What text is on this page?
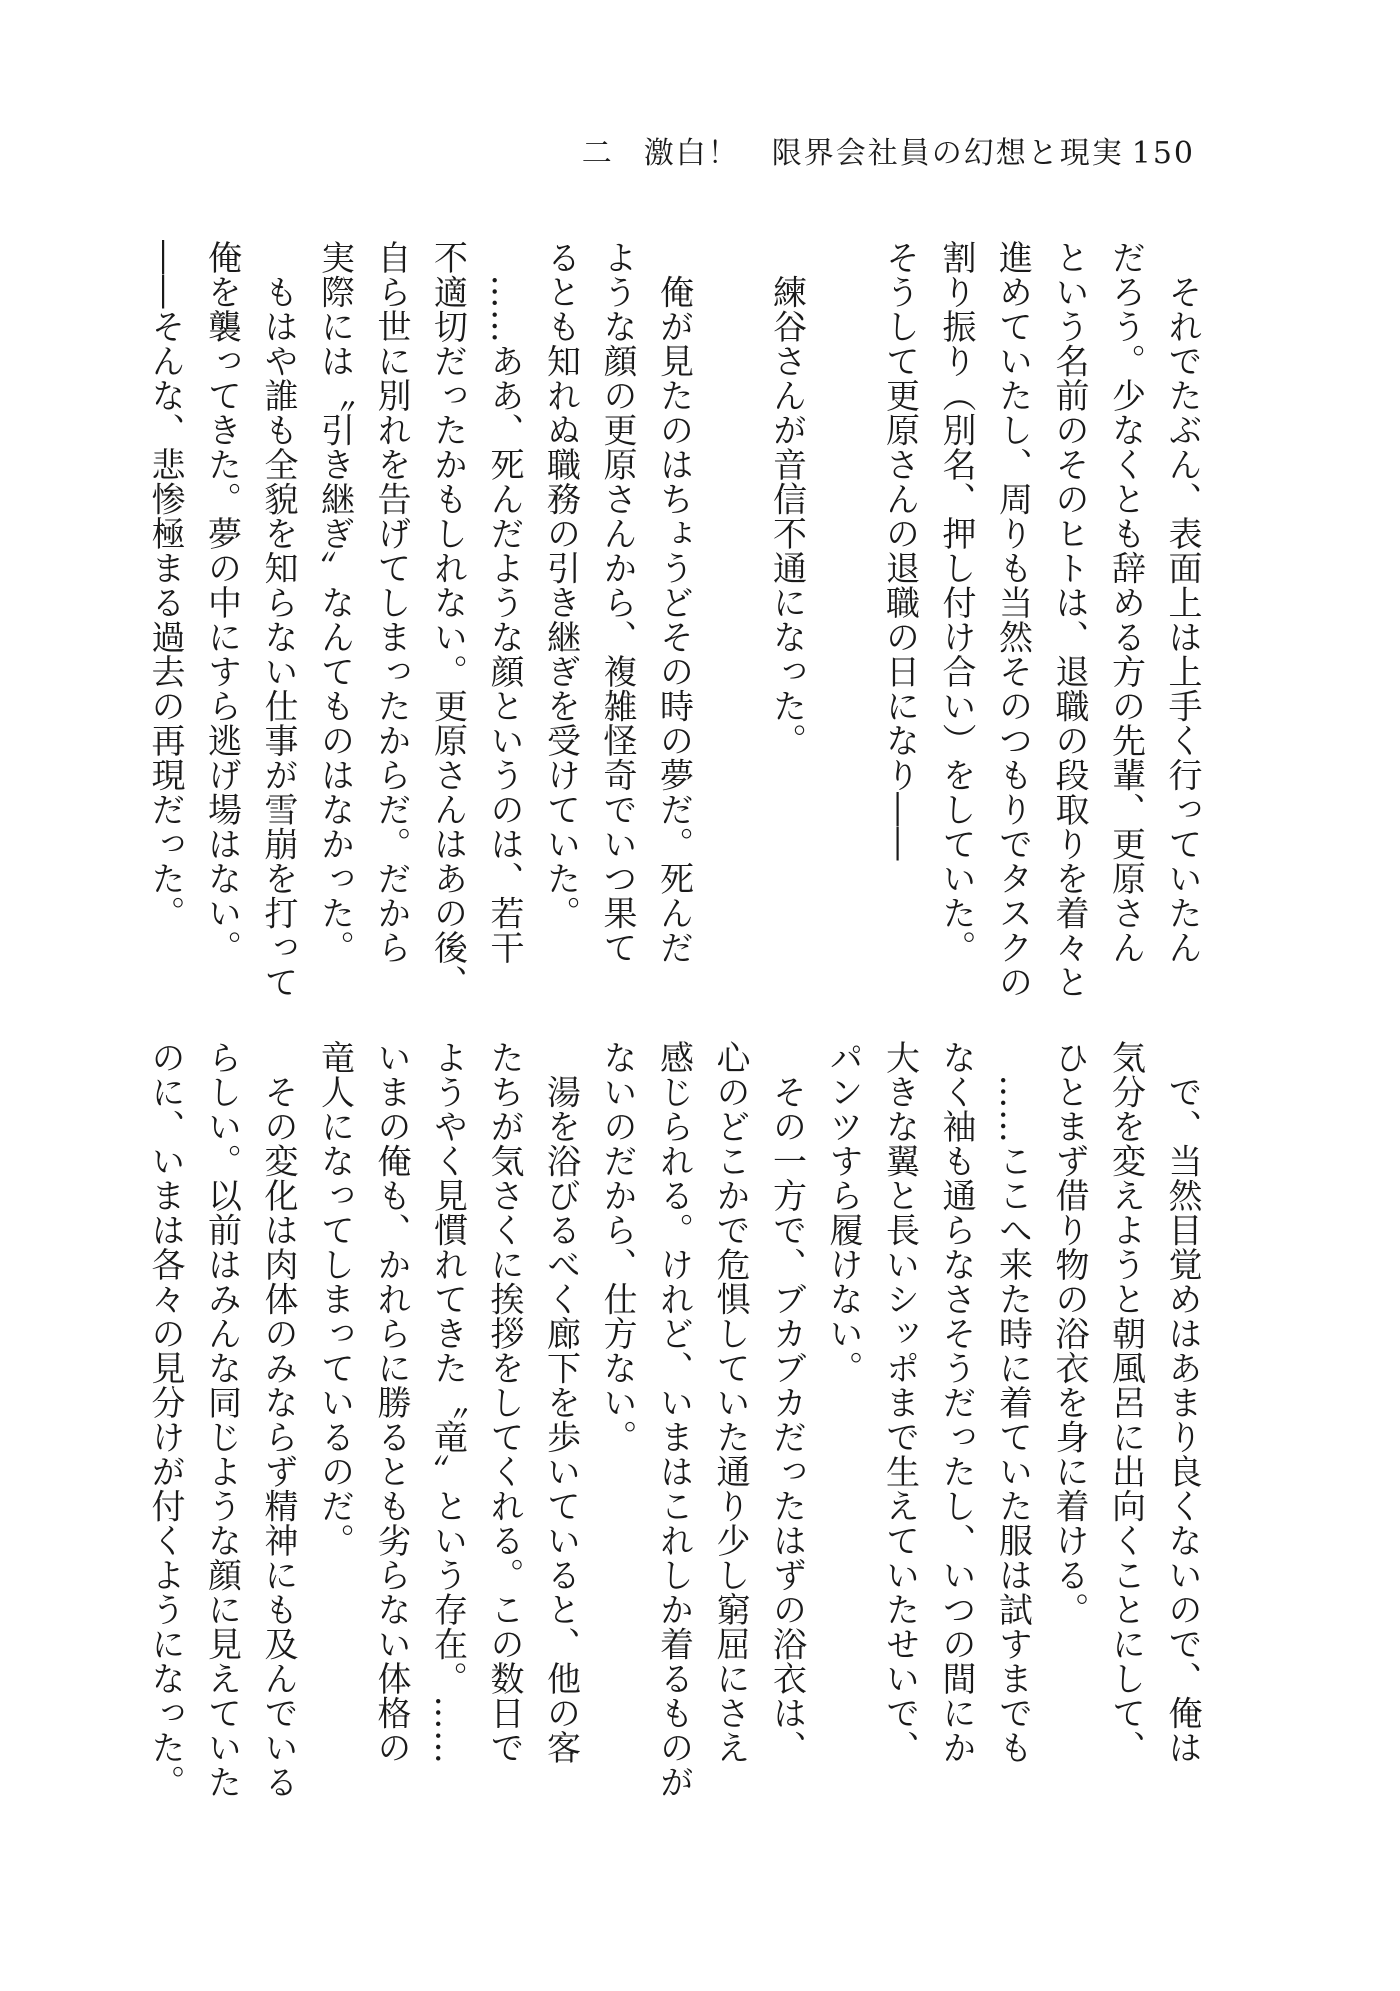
二 激白！　限界会社員の幻想と現実 150
　それでたぶん、表面上は上手く行っていたん
だろう。少なくとも辞める方の先輩、更原さん
という名前のそのヒトは、退職の段取りを着々と
進めていたし、周りも当然そのつもりでタスクの
割り振り（別名、押し付け合い）をしていた。
そうして更原さんの退職の日になり――

　練谷さんが音信不通になった。

　俺が見たのはちょうどその時の夢だ。死んだ
ような顔の更原さんから、複雑怪奇でいつ果て
るとも知れぬ職務の引き継ぎを受けていた。
　……ああ、死んだような顔というのは、若干
不適切だったかもしれない。更原さんはあの後、
自ら世に別れを告げてしまったからだ。だから
実際には〝引き継ぎ〟なんてものはなかった。
　もはや誰も全貌を知らない仕事が雪崩を打って
俺を襲ってきた。夢の中にすら逃げ場はない。
――そんな、悲惨極まる過去の再現だった。
　で、当然目覚めはあまり良くないので、俺は
気分を変えようと朝風呂に出向くことにして、
ひとまず借り物の浴衣を身に着ける。
　……ここへ来た時に着ていた服は試すまでも
なく袖も通らなさそうだったし、いつの間にか
大きな翼と長いシッポまで生えていたせいで、
パンツすら履けない。
　その一方で、ブカブカだったはずの浴衣は、
心のどこかで危惧していた通り少し窮屈にさえ
感じられる。けれど、いまはこれしか着るものが
ないのだから、仕方ない。
　湯を浴びるべく廊下を歩いていると、他の客
たちが気さくに挨拶をしてくれる。この数日で
ようやく見慣れてきた〝竜〟という存在。……
いまの俺も、かれらに勝るとも劣らない体格の
竜人になってしまっているのだ。
　その変化は肉体のみならず精神にも及んでいる
らしい。以前はみんな同じような顔に見えていた
のに、いまは各々の見分けが付くようになった。
